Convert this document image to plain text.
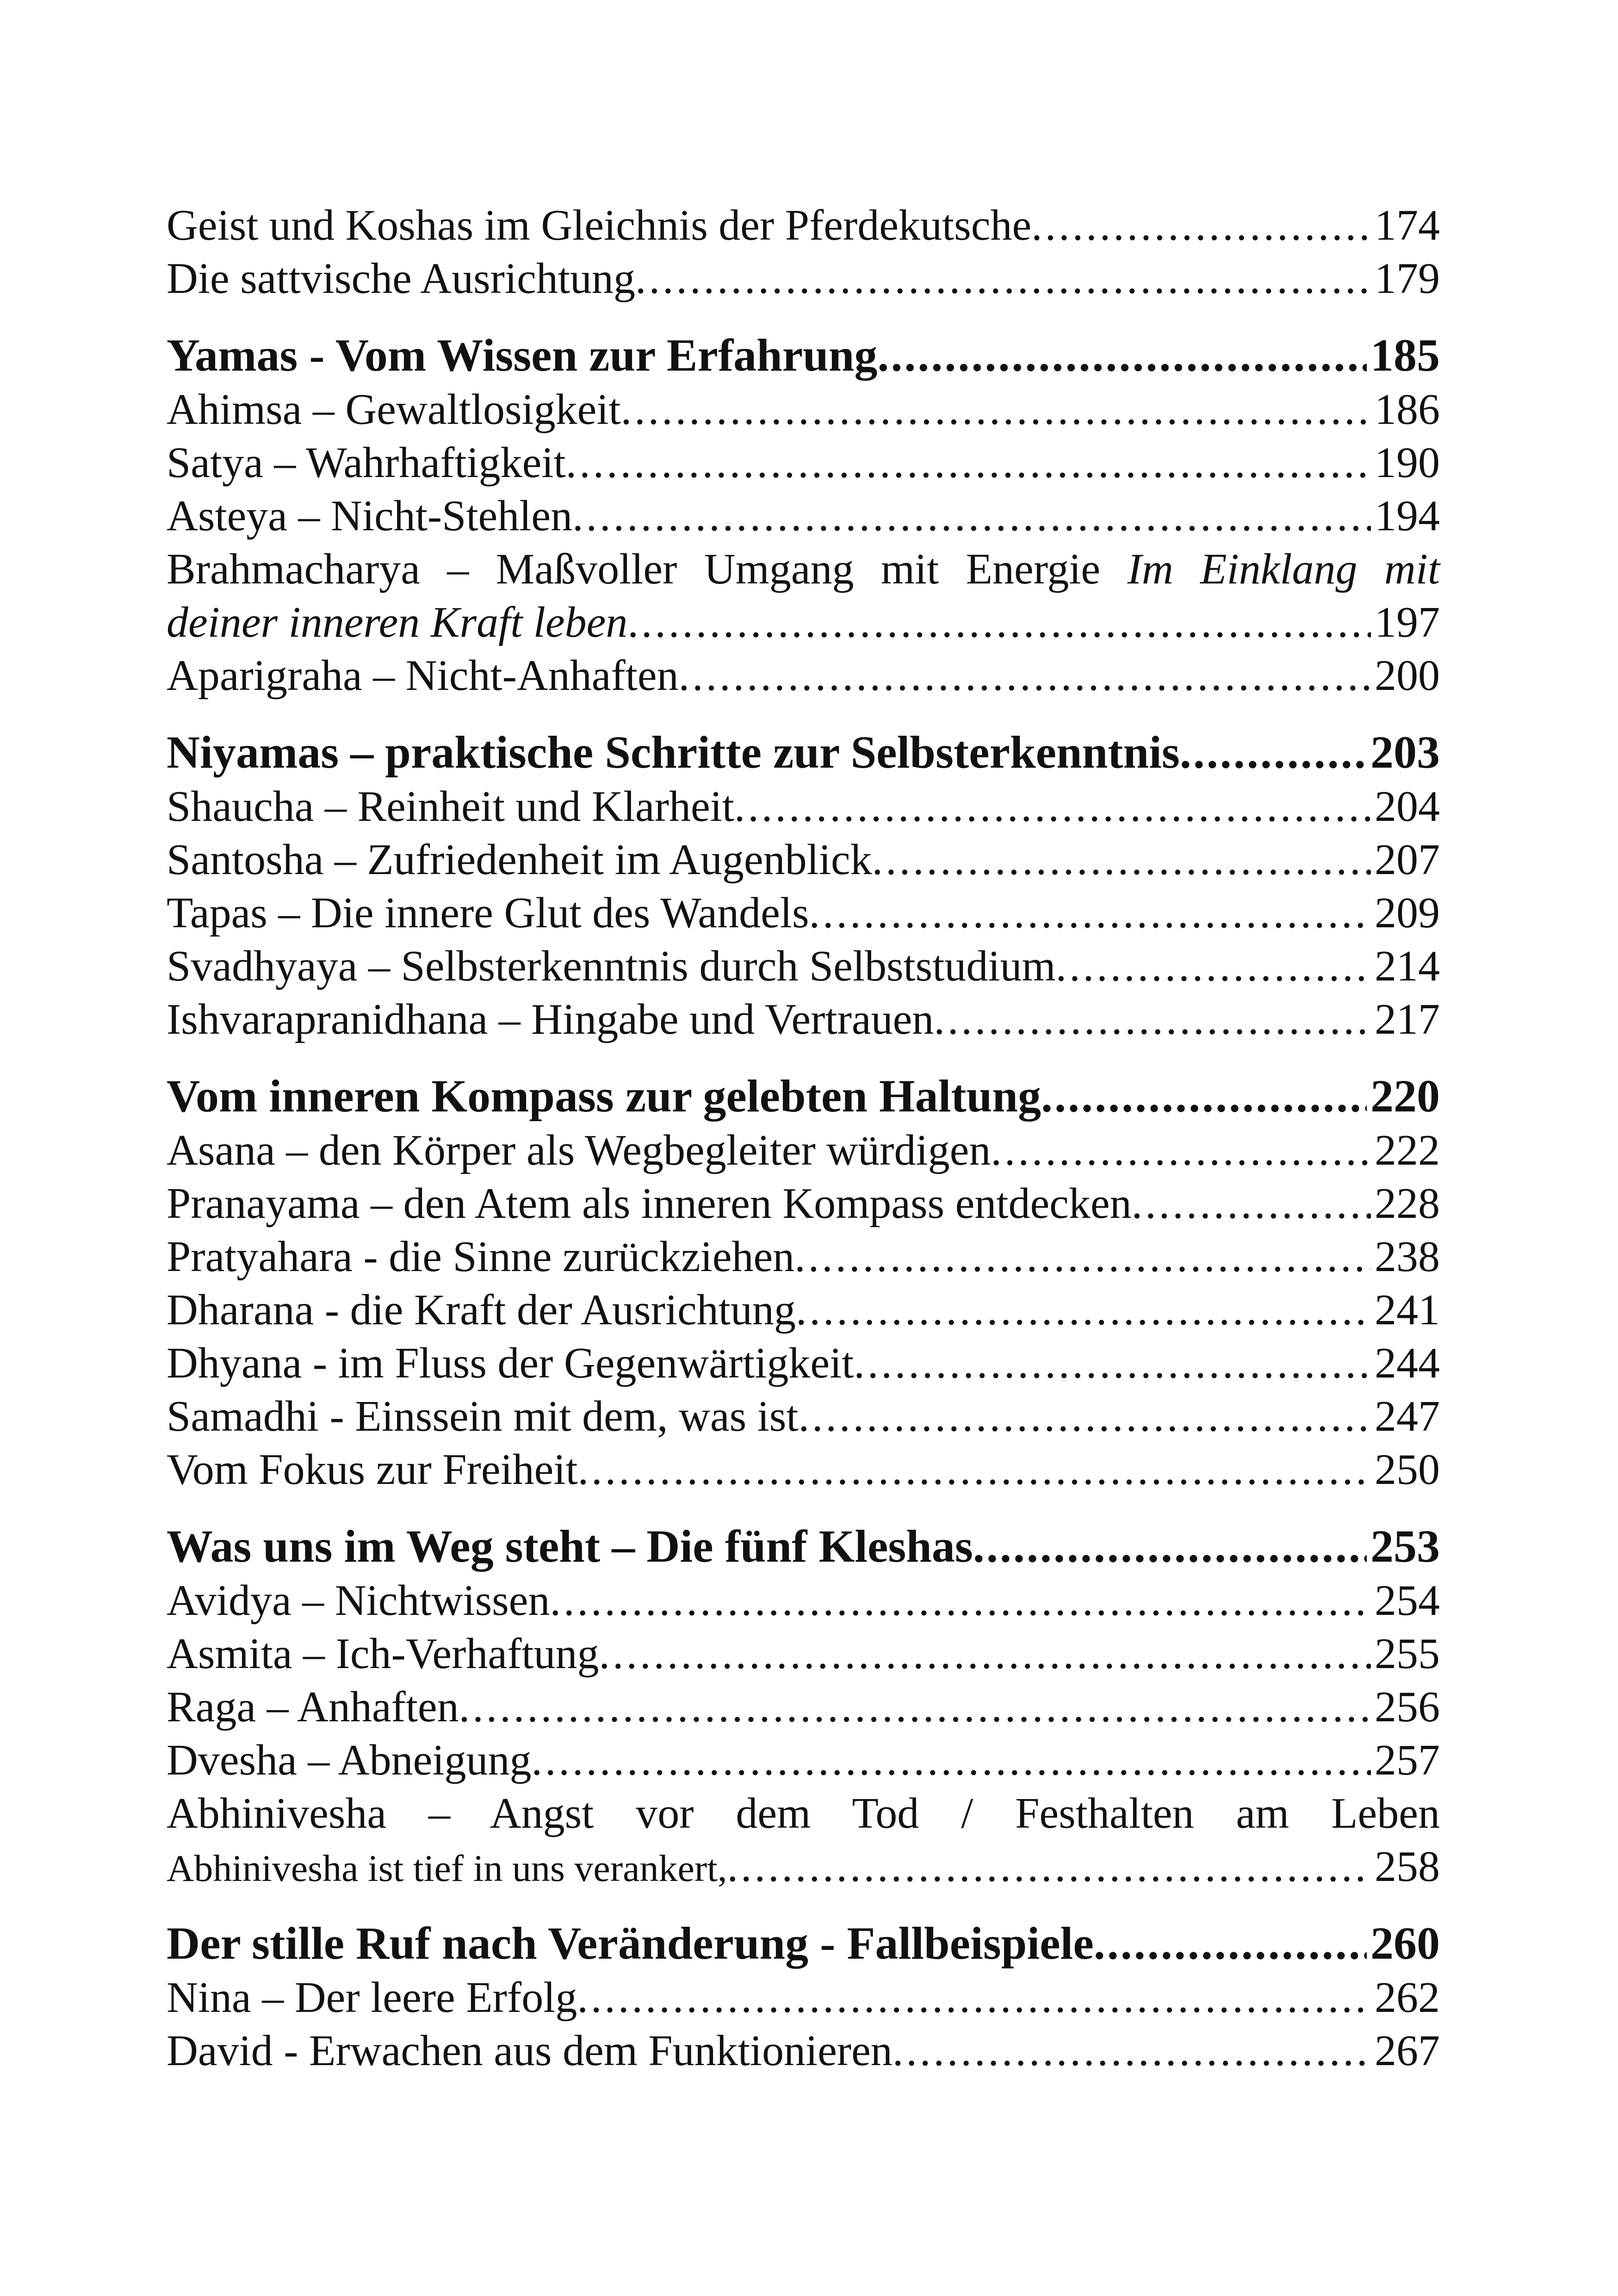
Geist und Koshas im Gleichnis der Pferdekutsche .....	174
Die sattvische Ausrichtung .....	179
Yamas - Vom Wissen zur Erfahrung .....	185
Ahimsa – Gewaltlosigkeit .....	186
Satya – Wahrhaftigkeit .....	190
Asteya – Nicht-Stehlen .....	194
Brahmacharya – Maßvoller Umgang mit Energie Im Einklang mit
deiner inneren Kraft leben .....	197
Aparigraha – Nicht-Anhaften .....	200
Niyamas – praktische Schritte zur Selbsterkenntnis .....	203
Shaucha – Reinheit und Klarheit .....	204
Santosha – Zufriedenheit im Augenblick .....	207
Tapas – Die innere Glut des Wandels .....	209
Svadhyaya – Selbsterkenntnis durch Selbststudium .....	214
Ishvarapranidhana – Hingabe und Vertrauen .....	217
Vom inneren Kompass zur gelebten Haltung .....	220
Asana – den Körper als Wegbegleiter würdigen .....	222
Pranayama – den Atem als inneren Kompass entdecken .....	228
Pratyahara - die Sinne zurückziehen .....	238
Dharana - die Kraft der Ausrichtung .....	241
Dhyana - im Fluss der Gegenwärtigkeit .....	244
Samadhi - Einssein mit dem, was ist .....	247
Vom Fokus zur Freiheit .....	250
Was uns im Weg steht – Die fünf Kleshas .....	253
Avidya – Nichtwissen .....	254
Asmita – Ich-Verhaftung .....	255
Raga – Anhaften .....	256
Dvesha – Abneigung .....	257
Abhinivesha – Angst vor dem Tod / Festhalten am Leben
Abhinivesha ist tief in uns verankert, .....	258
Der stille Ruf nach Veränderung - Fallbeispiele .....	260
Nina – Der leere Erfolg .....	262
David - Erwachen aus dem Funktionieren .....	267
